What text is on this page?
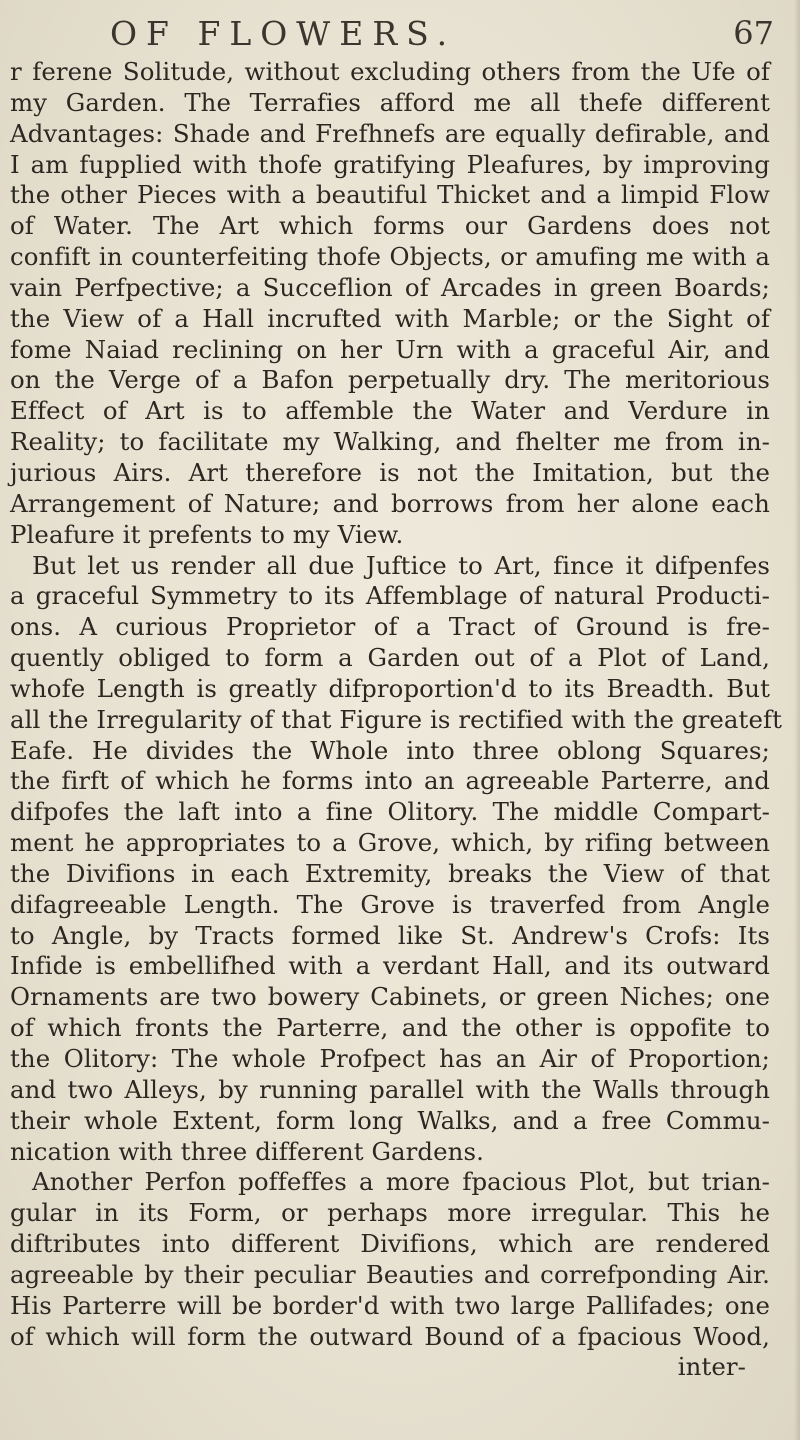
OF FLOWERS.	67
r ferene Solitude, without excluding others from the Ufe of
my Garden. The Terrafies afford me all thefe different
Advantages: Shade and Frefhnefs are equally defirable, and
I am fupplied with thofe gratifying Pleafures, by improving
the other Pieces with a beautiful Thicket and a limpid Flow
of Water. The Art which forms our Gardens does not
confift in counterfeiting thofe Objects, or amufing me with a
vain Perfpective; a Succeflion of Arcades in green Boards;
the View of a Hall incrufted with Marble; or the Sight of
fome Naiad reclining on her Urn with a graceful Air, and
on the Verge of a Bafon perpetually dry. The meritorious
Effect of Art is to affemble the Water and Verdure in
Reality; to facilitate my Walking, and fhelter me from in-
jurious Airs. Art therefore is not the Imitation, but the
Arrangement of Nature; and borrows from her alone each
Pleafure it prefents to my View.
But let us render all due Juftice to Art, fince it difpenfes
a graceful Symmetry to its Affemblage of natural Producti-
ons. A curious Proprietor of a Tract of Ground is fre-
quently obliged to form a Garden out of a Plot of Land,
whofe Length is greatly difproportion'd to its Breadth. But
all the Irregularity of that Figure is rectified with the greateft
Eafe. He divides the Whole into three oblong Squares;
the firft of which he forms into an agreeable Parterre, and
difpofes the laft into a fine Olitory. The middle Compart-
ment he appropriates to a Grove, which, by rifing between
the Divifions in each Extremity, breaks the View of that
difagreeable Length. The Grove is traverfed from Angle
to Angle, by Tracts formed like St. Andrew's Crofs: Its
Infide is embellifhed with a verdant Hall, and its outward
Ornaments are two bowery Cabinets, or green Niches; one
of which fronts the Parterre, and the other is oppofite to
the Olitory: The whole Profpect has an Air of Proportion;
and two Alleys, by running parallel with the Walls through
their whole Extent, form long Walks, and a free Commu-
nication with three different Gardens.
Another Perfon poffeffes a more fpacious Plot, but trian-
gular in its Form, or perhaps more irregular. This he
diftributes into different Divifions, which are rendered
agreeable by their peculiar Beauties and correfponding Air.
His Parterre will be border'd with two large Pallifades; one
of which will form the outward Bound of a fpacious Wood,
inter-
